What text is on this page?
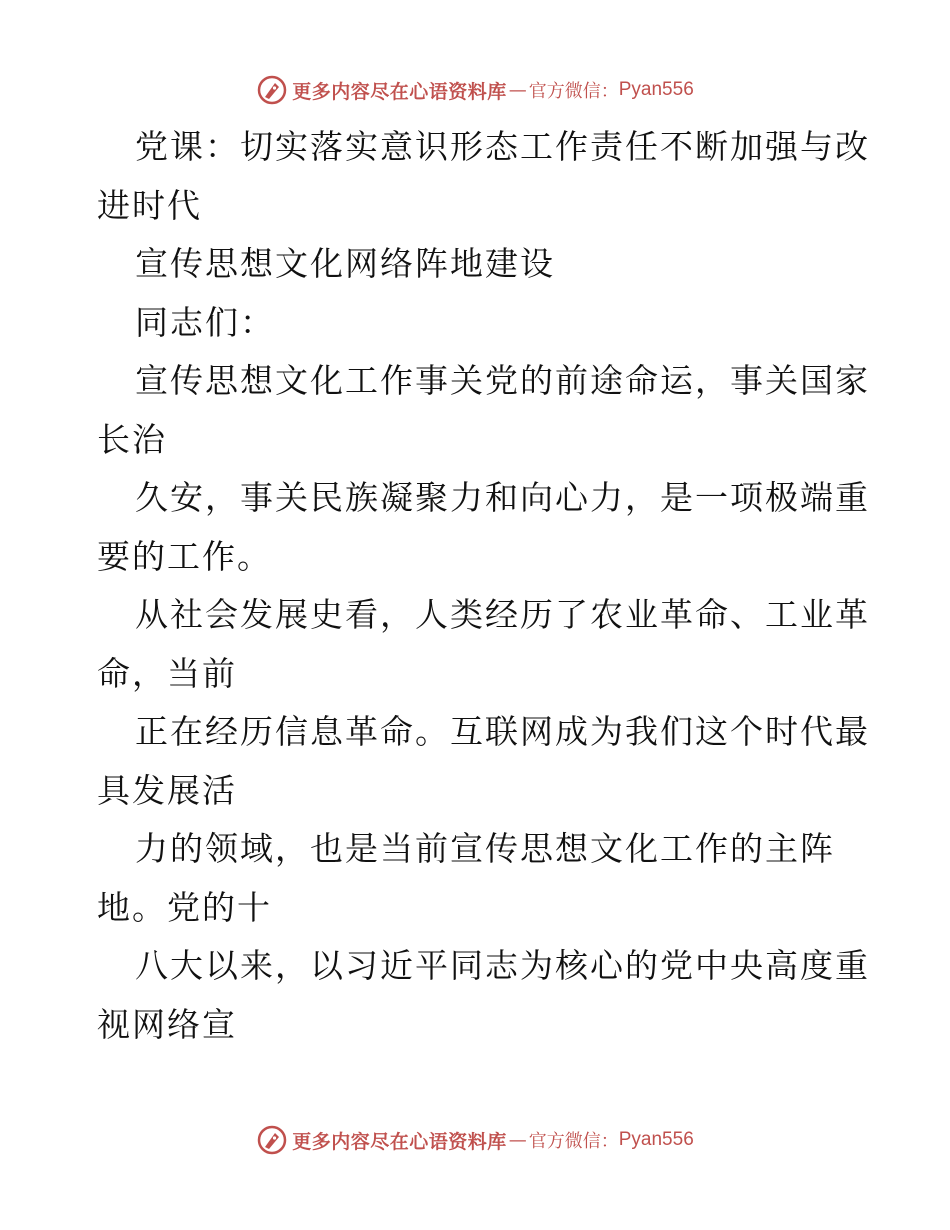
更多内容尽在心语资料库 — 官方微信： Pyan556
党课：切实落实意识形态工作责任不断加强与改
进时代
宣传思想文化网络阵地建设
同志们：
宣传思想文化工作事关党的前途命运，事关国家
长治
久安，事关民族凝聚力和向心力，是一项极端重
要的工作。
从社会发展史看，人类经历了农业革命、工业革
命，当前
正在经历信息革命。互联网成为我们这个时代最
具发展活
力的领域，也是当前宣传思想文化工作的主阵
地。党的十
八大以来，以习近平同志为核心的党中央高度重
视网络宣
更多内容尽在心语资料库 — 官方微信： Pyan556
